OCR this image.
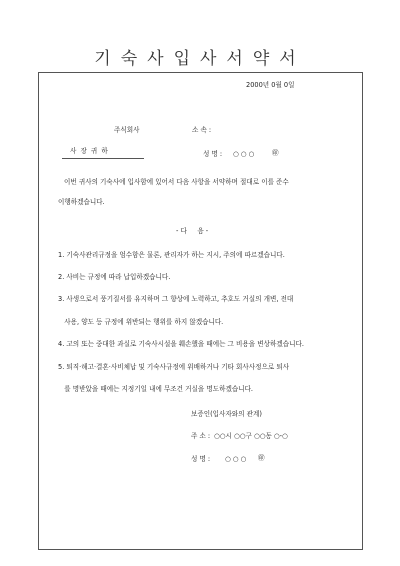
기숙사입사서약서
2000년 0월 0일
주식회사	소 속 :
사 장 귀 하	성 명 : ○○○ ㊞
이번 귀사의 기숙사에 입사함에 있어서 다음 사항을 서약하며 절대로 이를 준수
이행하겠습니다.
- 다     음 -
1. 기숙사관리규정을 엄수함은 물론, 관리자가 하는 지시, 주의에 따르겠습니다.
2. 사비는 규정에 따라 납입하겠습니다.
3. 사생으로서 풍기질서를 유지하며 그 향상에 노력하고, 추호도 거실의 개변, 전대
사용, 양도 등 규정에 위반되는 행위를 하지 않겠습니다.
4. 고의 또는 중대한 과실로 기숙사시설을 훼손했을 때에는 그 비용을 변상하겠습니다.
5. 퇴직·해고·결혼·사비체납 및 기숙사규정에 위배하거나 기타 회사사정으로 퇴사
를 명받았을 때에는 지정기일 내에 무조건 거실을 명도하겠습니다.
보증인(입사자와의 관계)
주 소 : ○○시 ○○구 ○○동 ○-○
성 명 : ○○○ ㊞
